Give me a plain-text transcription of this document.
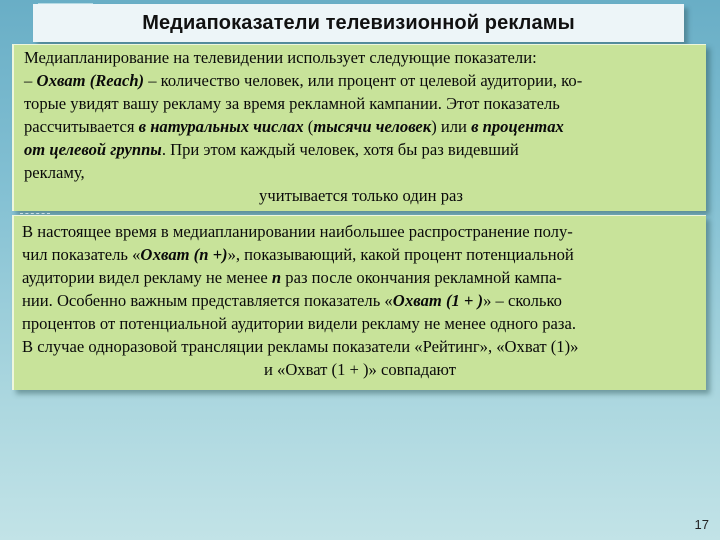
Медиапоказатели телевизионной рекламы
Медиапланирование на телевидении использует следующие показатели:
– Охват (Reach) – количество человек, или процент от целевой аудитории, ко-
торые увидят вашу рекламу за время рекламной кампании. Этот показатель
рассчитывается в натуральных числах (тысячи человек) или в процентах
от целевой группы. При этом каждый человек, хотя бы раз видевший
рекламу,
учитывается только один раз
В настоящее время в медиапланировании наибольшее распространение полу-
чил показатель «Охват (n +)», показывающий, какой процент потенциальной
аудитории видел рекламу не менее n раз после окончания рекламной кампа-
нии. Особенно важным представляется показатель «Охват (1 + )» – сколько
процентов от потенциальной аудитории видели рекламу не менее одного раза.
В случае одноразовой трансляции рекламы показатели «Рейтинг», «Охват (1)»
и «Охват (1 + )» совпадают
17
